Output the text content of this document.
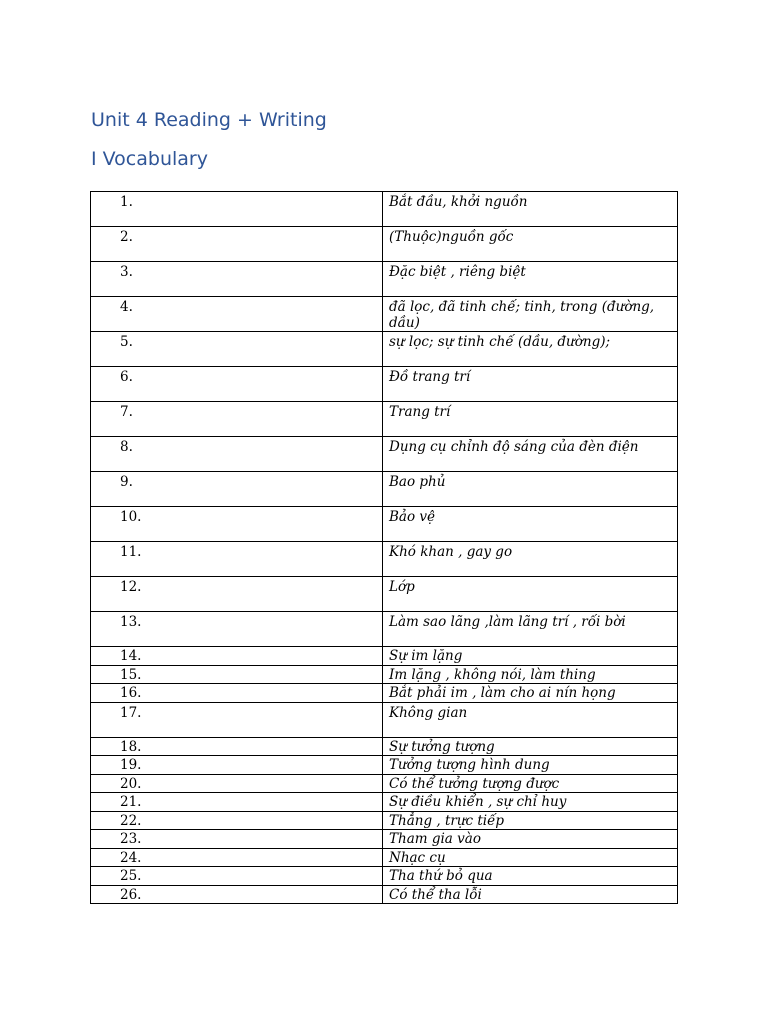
Unit 4 Reading + Writing
I Vocabulary
1.	Bắt đầu, khởi nguồn
2.	(Thuộc)nguồn gốc
3.	Đặc biệt , riêng biệt
4.	đã lọc, đã tinh chế; tinh, trong (đường, dầu)
5.	sự lọc; sự tinh chế (dầu, đường);
6.	Đồ trang trí
7.	Trang trí
8.	Dụng cụ chỉnh độ sáng của đèn điện
9.	Bao phủ
10.	Bảo vệ
11.	Khó khan , gay go
12.	Lớp
13.	Làm sao lãng ,làm lãng trí , rối bời
14.	Sự im lặng
15.	Im lặng , không nói, làm thing
16.	Bắt phải im , làm cho ai nín họng
17.	Không gian
18.	Sự tưởng tượng
19.	Tưởng tượng hình dung
20.	Có thể tưởng tượng được
21.	Sự điều khiển , sự chỉ huy
22.	Thẳng , trực tiếp
23.	Tham gia vào
24.	Nhạc cụ
25.	Tha thứ bỏ qua
26.	Có thể tha lỗi
